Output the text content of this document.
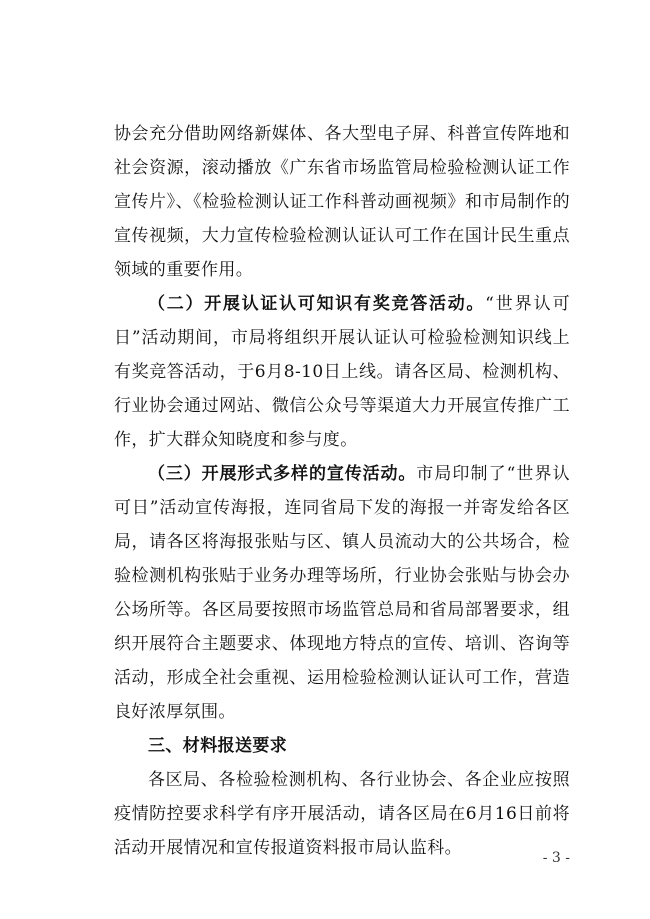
协会充分借助网络新媒体、各大型电子屏、科普宣传阵地和社会资源，滚动播放《广东省市场监管局检验检测认证工作宣传片》、《检验检测认证工作科普动画视频》和市局制作的宣传视频，大力宣传检验检测认证认可工作在国计民生重点领域的重要作用。

（二）开展认证认可知识有奖竞答活动。“世界认可日”活动期间，市局将组织开展认证认可检验检测知识线上有奖竞答活动，于6月8-10日上线。请各区局、检测机构、行业协会通过网站、微信公众号等渠道大力开展宣传推广工作，扩大群众知晓度和参与度。

（三）开展形式多样的宣传活动。市局印制了“世界认可日”活动宣传海报，连同省局下发的海报一并寄发给各区局，请各区将海报张贴与区、镇人员流动大的公共场合，检验检测机构张贴于业务办理等场所，行业协会张贴与协会办公场所等。各区局要按照市场监管总局和省局部署要求，组织开展符合主题要求、体现地方特点的宣传、培训、咨询等活动，形成全社会重视、运用检验检测认证认可工作，营造良好浓厚氛围。

三、材料报送要求

各区局、各检验检测机构、各行业协会、各企业应按照疫情防控要求科学有序开展活动，请各区局在6月16日前将活动开展情况和宣传报道资料报市局认监科。	- 3 -
